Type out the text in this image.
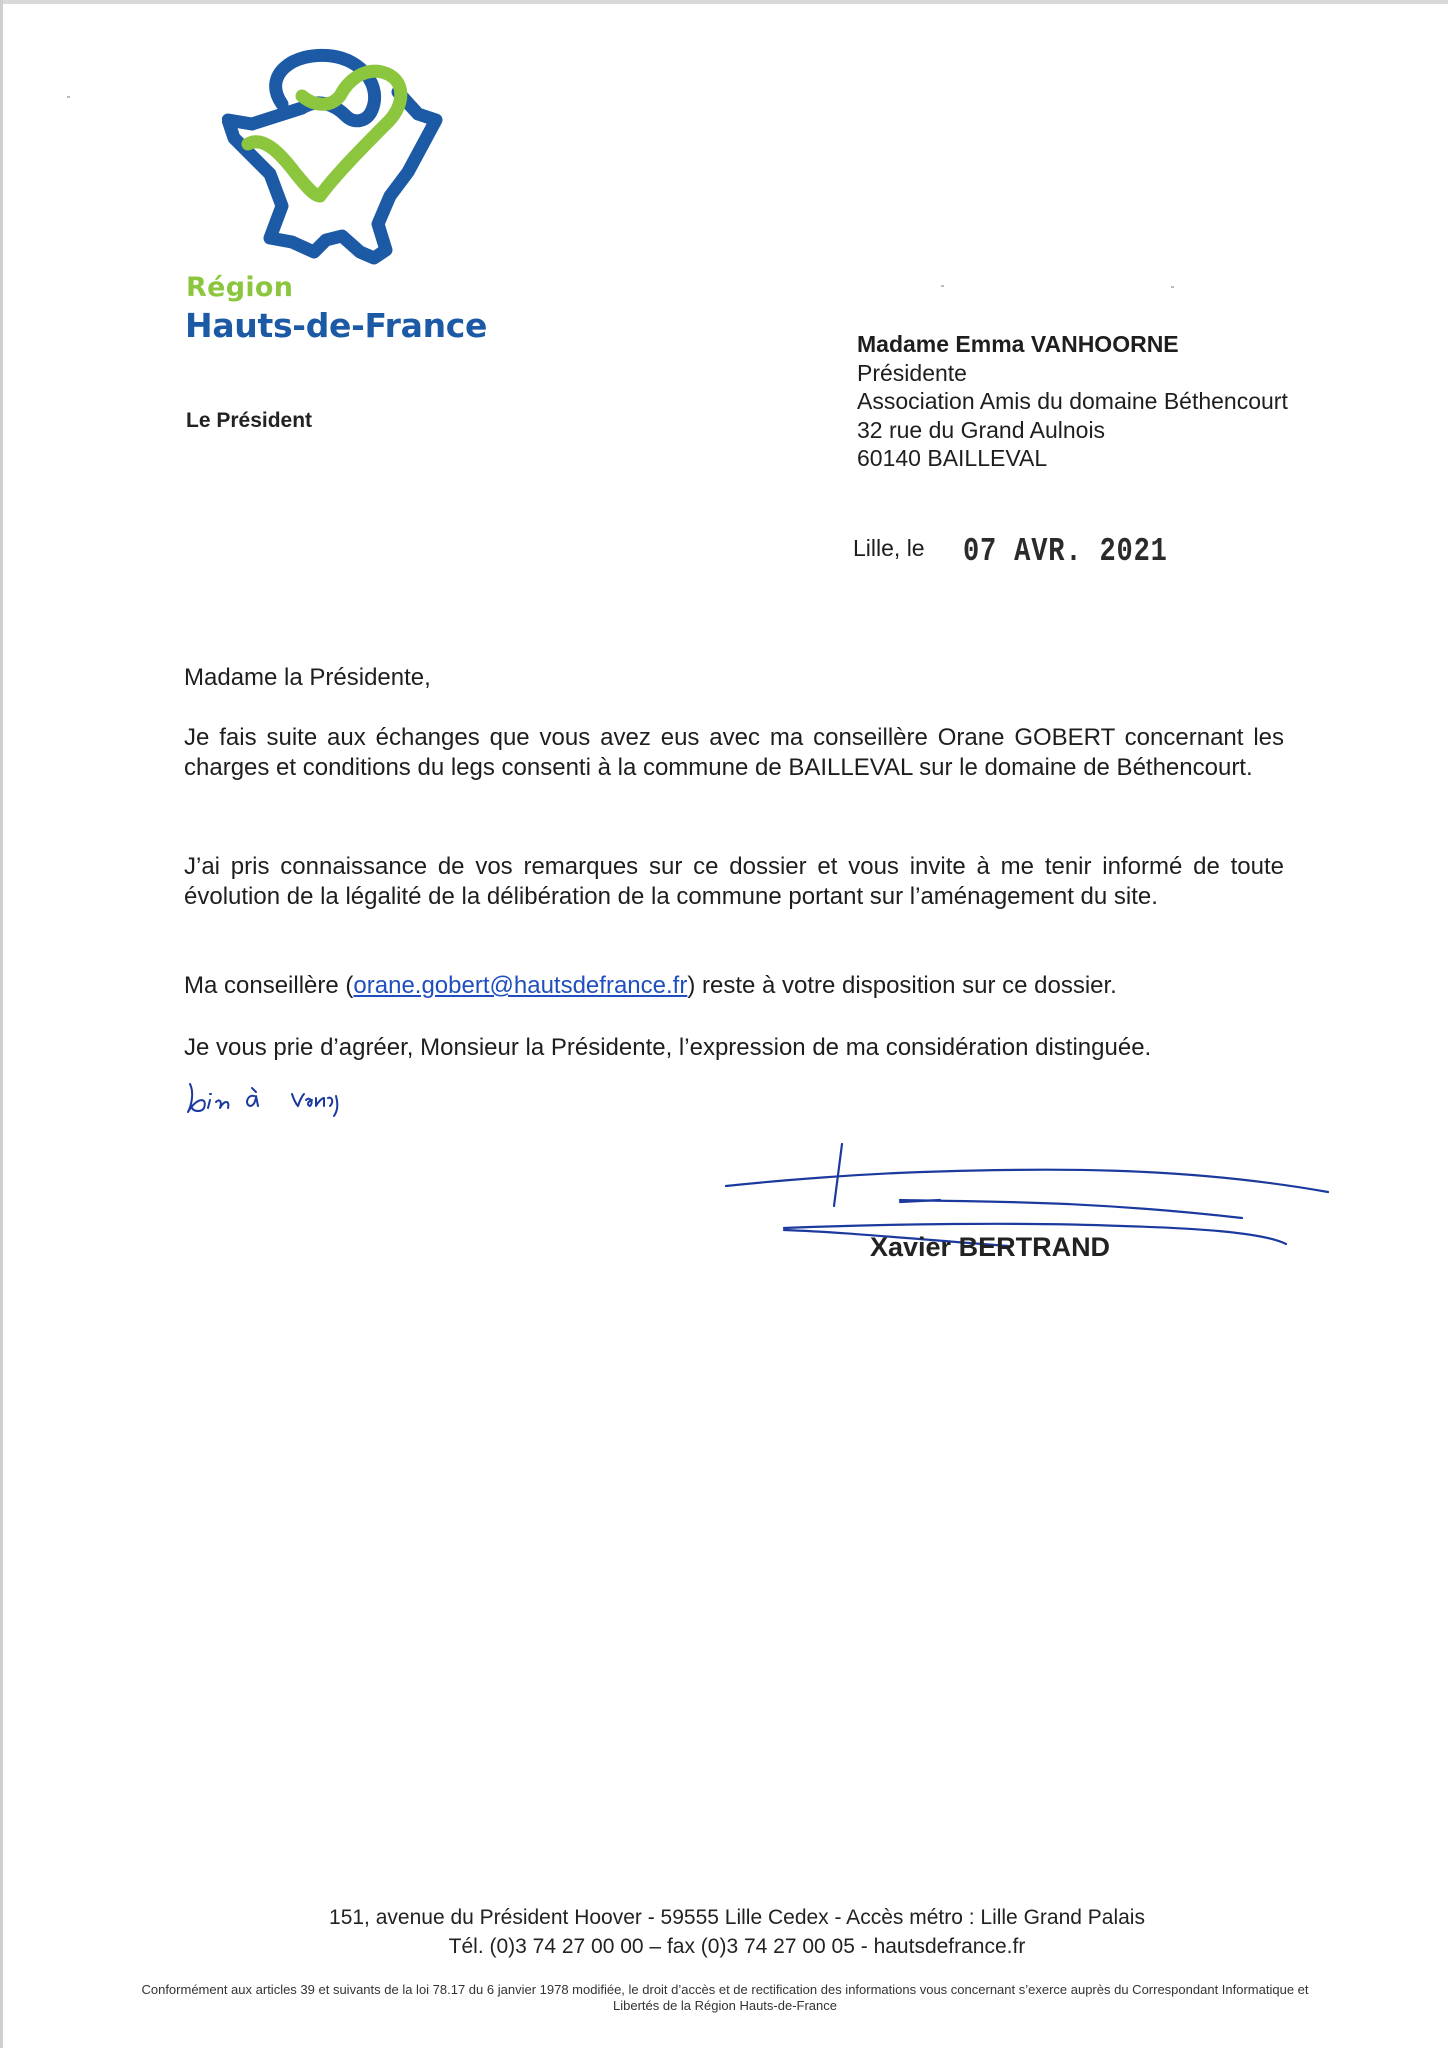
Région
Hauts-de-France
Le Président
Madame Emma VANHOORNE
Présidente
Association Amis du domaine Béthencourt
32 rue du Grand Aulnois
60140 BAILLEVAL
Lille, le 07 AVR. 2021
Madame la Présidente,
Je fais suite aux échanges que vous avez eus avec ma conseillère Orane GOBERT concernant les charges et conditions du legs consenti à la commune de BAILLEVAL sur le domaine de Béthencourt.
J’ai pris connaissance de vos remarques sur ce dossier et vous invite à me tenir informé de toute évolution de la légalité de la délibération de la commune portant sur l’aménagement du site.
Ma conseillère (orane.gobert@hautsdefrance.fr) reste à votre disposition sur ce dossier.
Je vous prie d’agréer, Monsieur la Présidente, l’expression de ma considération distinguée.
Xavier BERTRAND
151, avenue du Président Hoover - 59555 Lille Cedex - Accès métro : Lille Grand Palais
Tél. (0)3 74 27 00 00 – fax (0)3 74 27 00 05 - hautsdefrance.fr
Conformément aux articles 39 et suivants de la loi 78.17 du 6 janvier 1978 modifiée, le droit d’accès et de rectification des informations vous concernant s’exerce auprès du Correspondant Informatique et Libertés de la Région Hauts-de-France
